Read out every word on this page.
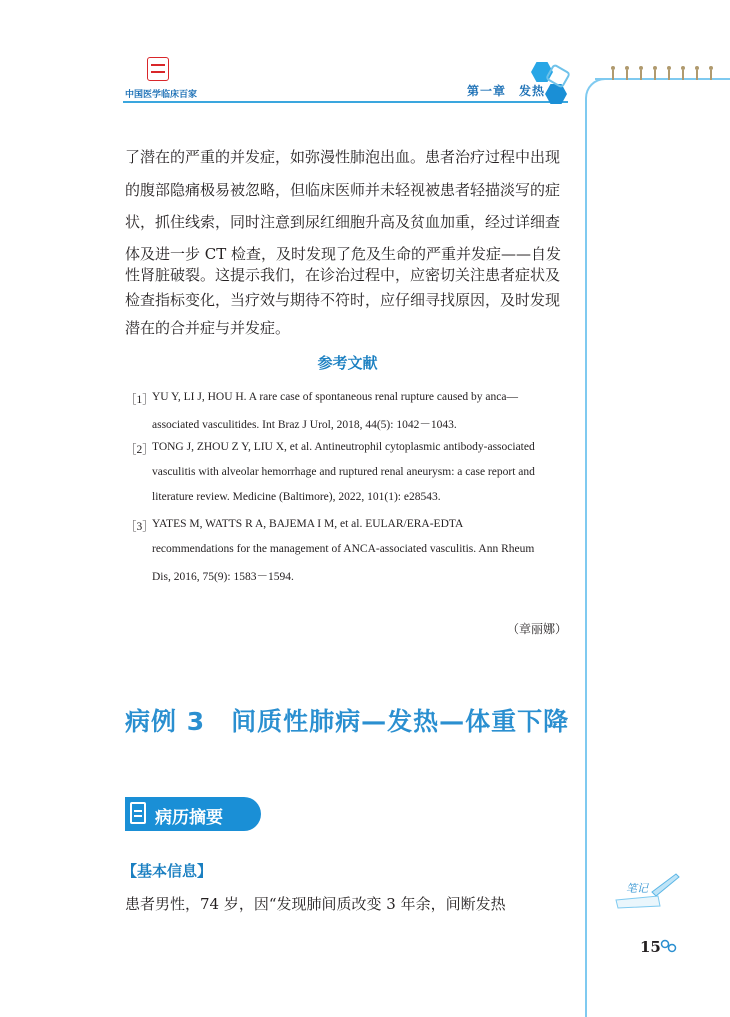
中国医学临床百家	第一章　发热
了潜在的严重的并发症，如弥漫性肺泡出血。患者治疗过程中出现
的腹部隐痛极易被忽略，但临床医师并未轻视被患者轻描淡写的症
状，抓住线索，同时注意到尿红细胞升高及贫血加重，经过详细查
体及进一步 CT 检查，及时发现了危及生命的严重并发症——自发
性肾脏破裂。这提示我们，在诊治过程中，应密切关注患者症状及
检查指标变化，当疗效与期待不符时，应仔细寻找原因，及时发现
潜在的合并症与并发症。
参考文献
［1］
YU Y, LI J, HOU H. A rare case of spontaneous renal rupture caused by anca—
associated vasculitides. Int Braz J Urol, 2018, 44(5): 1042－1043.
［2］
TONG J, ZHOU Z Y, LIU X, et al. Antineutrophil cytoplasmic antibody-associated
vasculitis with alveolar hemorrhage and ruptured renal aneurysm: a case report and
literature review. Medicine (Baltimore), 2022, 101(1): e28543.
［3］
YATES M, WATTS R A, BAJEMA I M, et al. EULAR/ERA-EDTA
recommendations for the management of ANCA-associated vasculitis. Ann Rheum
Dis, 2016, 75(9): 1583－1594.
（章丽娜）
病例 3　间质性肺病—发热—体重下降
病历摘要
【基本信息】
笔记
患者男性，74 岁，因“发现肺间质改变 3 年余，间断发热
15
